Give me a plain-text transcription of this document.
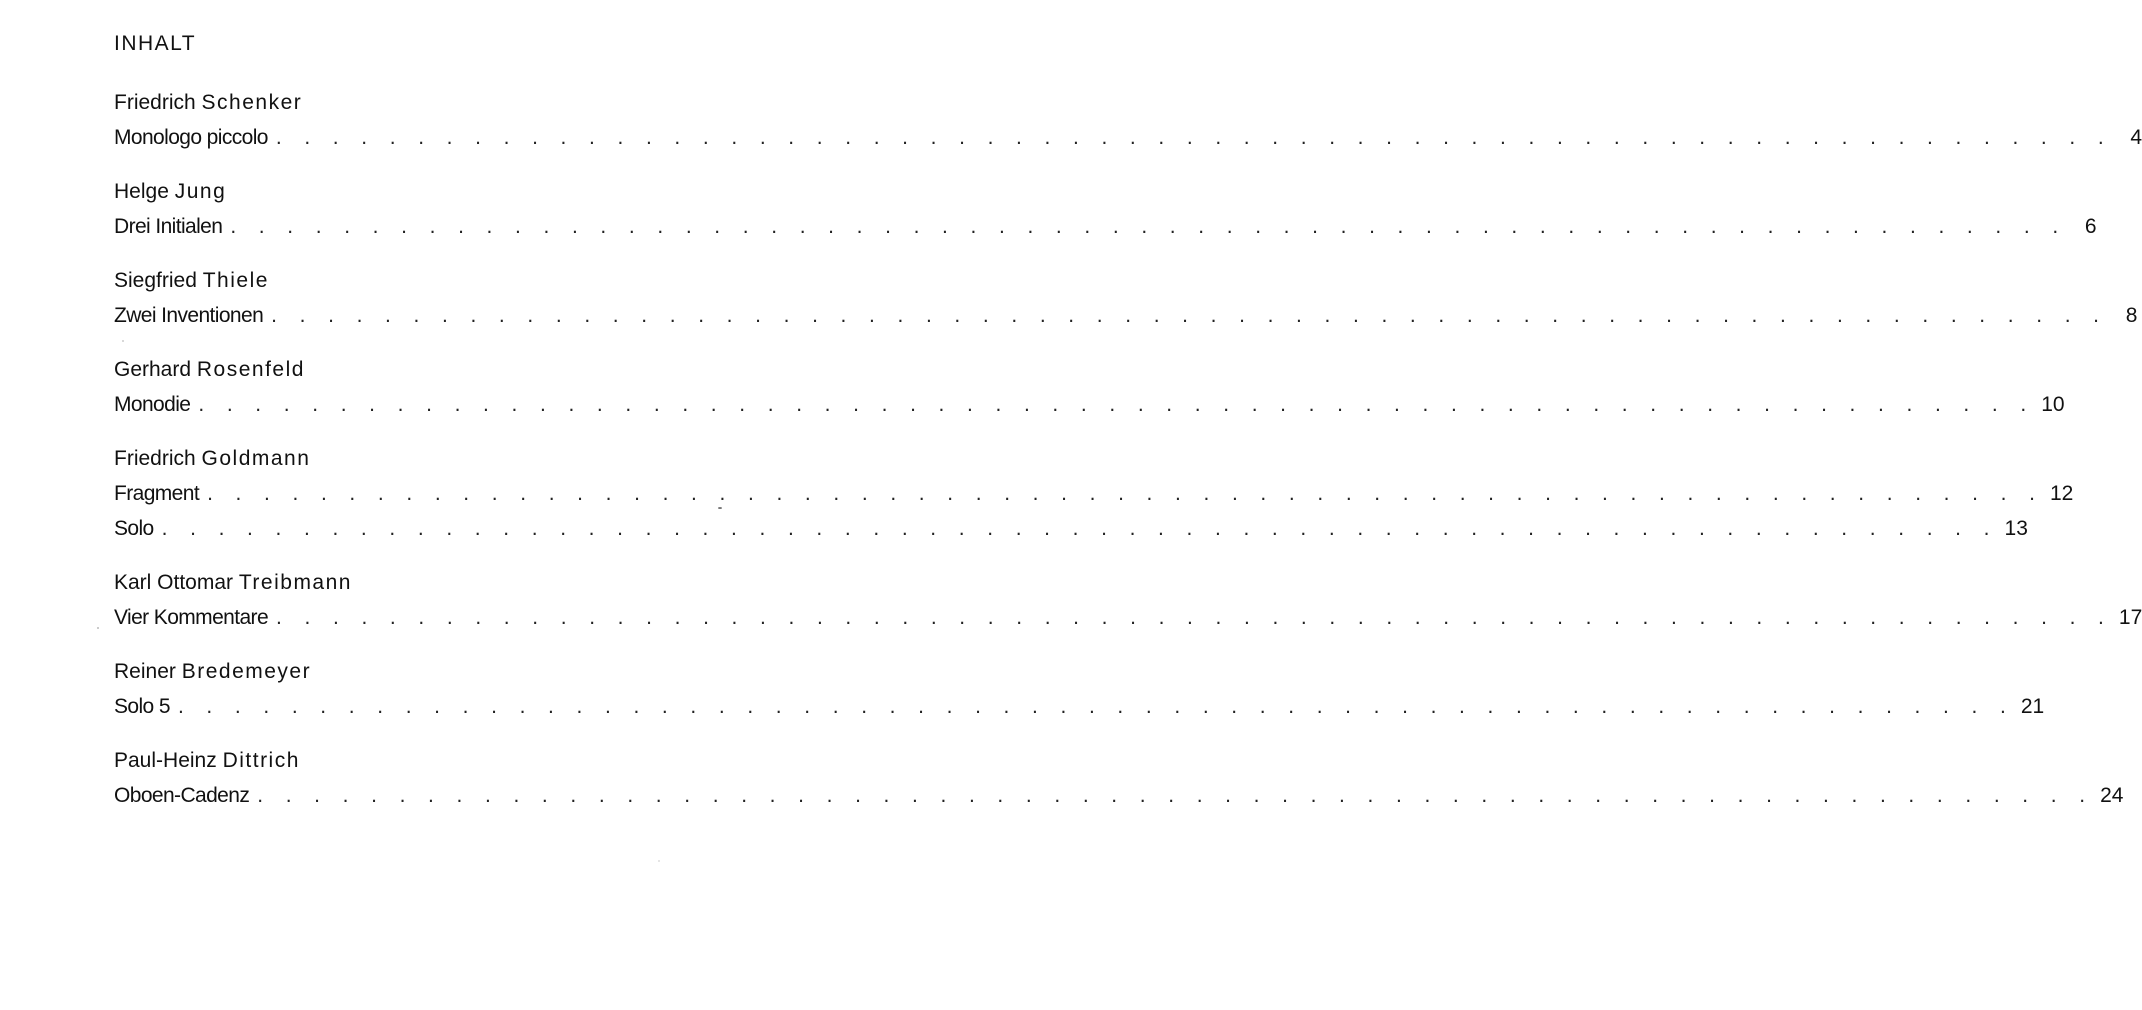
INHALT
Friedrich Schenker
Monologo piccolo . . . . . . . . . . . . . . . . . . . . . . . . . . . . . . . . . . . . . . . . . . . . . . . . . . . . . . . . . . . . . . . . . 4
Helge Jung
Drei Initialen . . . . . . . . . . . . . . . . . . . . . . . . . . . . . . . . . . . . . . . . . . . . . . . . . . . . . . . . . . . . . . . . . 6
Siegfried Thiele
Zwei Inventionen . . . . . . . . . . . . . . . . . . . . . . . . . . . . . . . . . . . . . . . . . . . . . . . . . . . . . . . . . . . . . . . . . 8
Gerhard Rosenfeld
Monodie . . . . . . . . . . . . . . . . . . . . . . . . . . . . . . . . . . . . . . . . . . . . . . . . . . . . . . . . . . . . . . . . . 10
Friedrich Goldmann
Fragment . . . . . . . . . . . . . . . . . . . . . . . . . . . . . . . . . . . . . . . . . . . . . . . . . . . . . . . . . . . . . . . . . 12
Solo . . . . . . . . . . . . . . . . . . . . . . . . . . . . . . . . . . . . . . . . . . . . . . . . . . . . . . . . . . . . . . . . . 13
Karl Ottomar Treibmann
Vier Kommentare . . . . . . . . . . . . . . . . . . . . . . . . . . . . . . . . . . . . . . . . . . . . . . . . . . . . . . . . . . . . . . . . . 17
Reiner Bredemeyer
Solo 5 . . . . . . . . . . . . . . . . . . . . . . . . . . . . . . . . . . . . . . . . . . . . . . . . . . . . . . . . . . . . . . . . . 21
Paul-Heinz Dittrich
Oboen-Cadenz . . . . . . . . . . . . . . . . . . . . . . . . . . . . . . . . . . . . . . . . . . . . . . . . . . . . . . . . . . . . . . . . . 24
